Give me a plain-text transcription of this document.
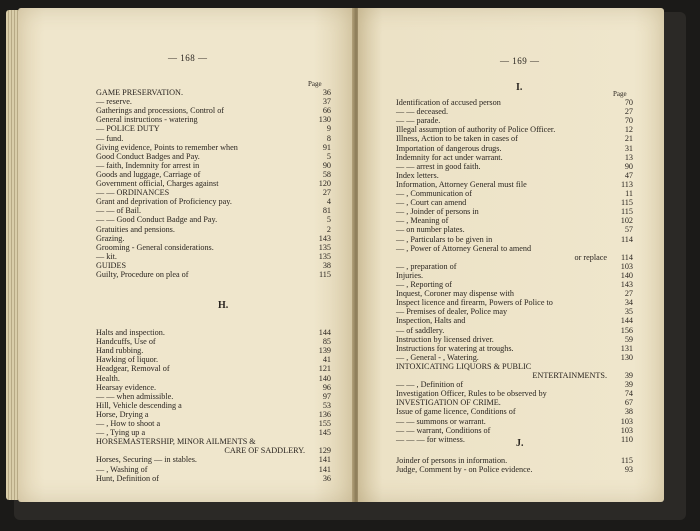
— 168 —
Page
GAME PRESERVATION.	36
— reserve.	37
Gatherings and processions, Control of	66
General instructions - watering	130
— POLICE DUTY	9
— fund.	8
Giving evidence, Points to remember when	91
Good Conduct Badges and Pay.	5
— faith, Indemnity for arrest in	90
Goods and luggage, Carriage of	58
Government official, Charges against	120
— — ORDINANCES	27
Grant and deprivation of Proficiency pay.	4
— — of Bail.	81
— — Good Conduct Badge and Pay.	5
Gratuities and pensions.	2
Grazing.	143
Grooming - General considerations.	135
— kit.	135
GUIDES	38
Guilty, Procedure on plea of	115
H.
Halts and inspection.	144
Handcuffs, Use of	85
Hand rubbing.	139
Hawking of liquor.	41
Headgear, Removal of	121
Health.	140
Hearsay evidence.	96
— — when admissible.	97
Hill, Vehicle descending a	53
Horse, Drying a	136
— , How to shoot a	155
— , Tying up a	145
HORSEMASTERSHIP, MINOR AILMENTS &
CARE OF SADDLERY. 129
Horses, Securing — in stables.	141
— , Washing of	141
Hunt, Definition of	36
— 169 —
I.
Page
Identification of accused person	70
— — deceased.	27
— — parade.	70
Illegal assumption of authority of Police Officer.	12
Illness, Action to be taken in cases of	21
Importation of dangerous drugs.	31
Indemnity for act under warrant.	13
— — arrest in good faith.	90
Index letters.	47
Information, Attorney General must file	113
— , Communication of	11
— , Court can amend	115
— , Joinder of persons in	115
— , Meaning of	102
— on number plates.	57
— , Particulars to be given in	114
— , Power of Attorney General to amend
or replace 114
— , preparation of	103
Injuries.	140
— , Reporting of	143
Inquest, Coroner may dispense with	27
Inspect licence and firearm, Powers of Police to	34
— Premises of dealer, Police may	35
Inspection, Halts and	144
— of saddlery.	156
Instruction by licensed driver.	59
Instructions for watering at troughs.	131
— , General - , Watering.	130
INTOXICATING LIQUORS & PUBLIC
ENTERTAINMENTS. 39
— — , Definition of	39
Investigation Officer, Rules to be observed by	74
INVESTIGATION OF CRIME.	67
Issue of game licence, Conditions of	38
— — summons or warrant.	103
— — warrant, Conditions of	103
— — — for witness.	110
J.
Joinder of persons in information.	115
Judge, Comment by - on Police evidence.	93
